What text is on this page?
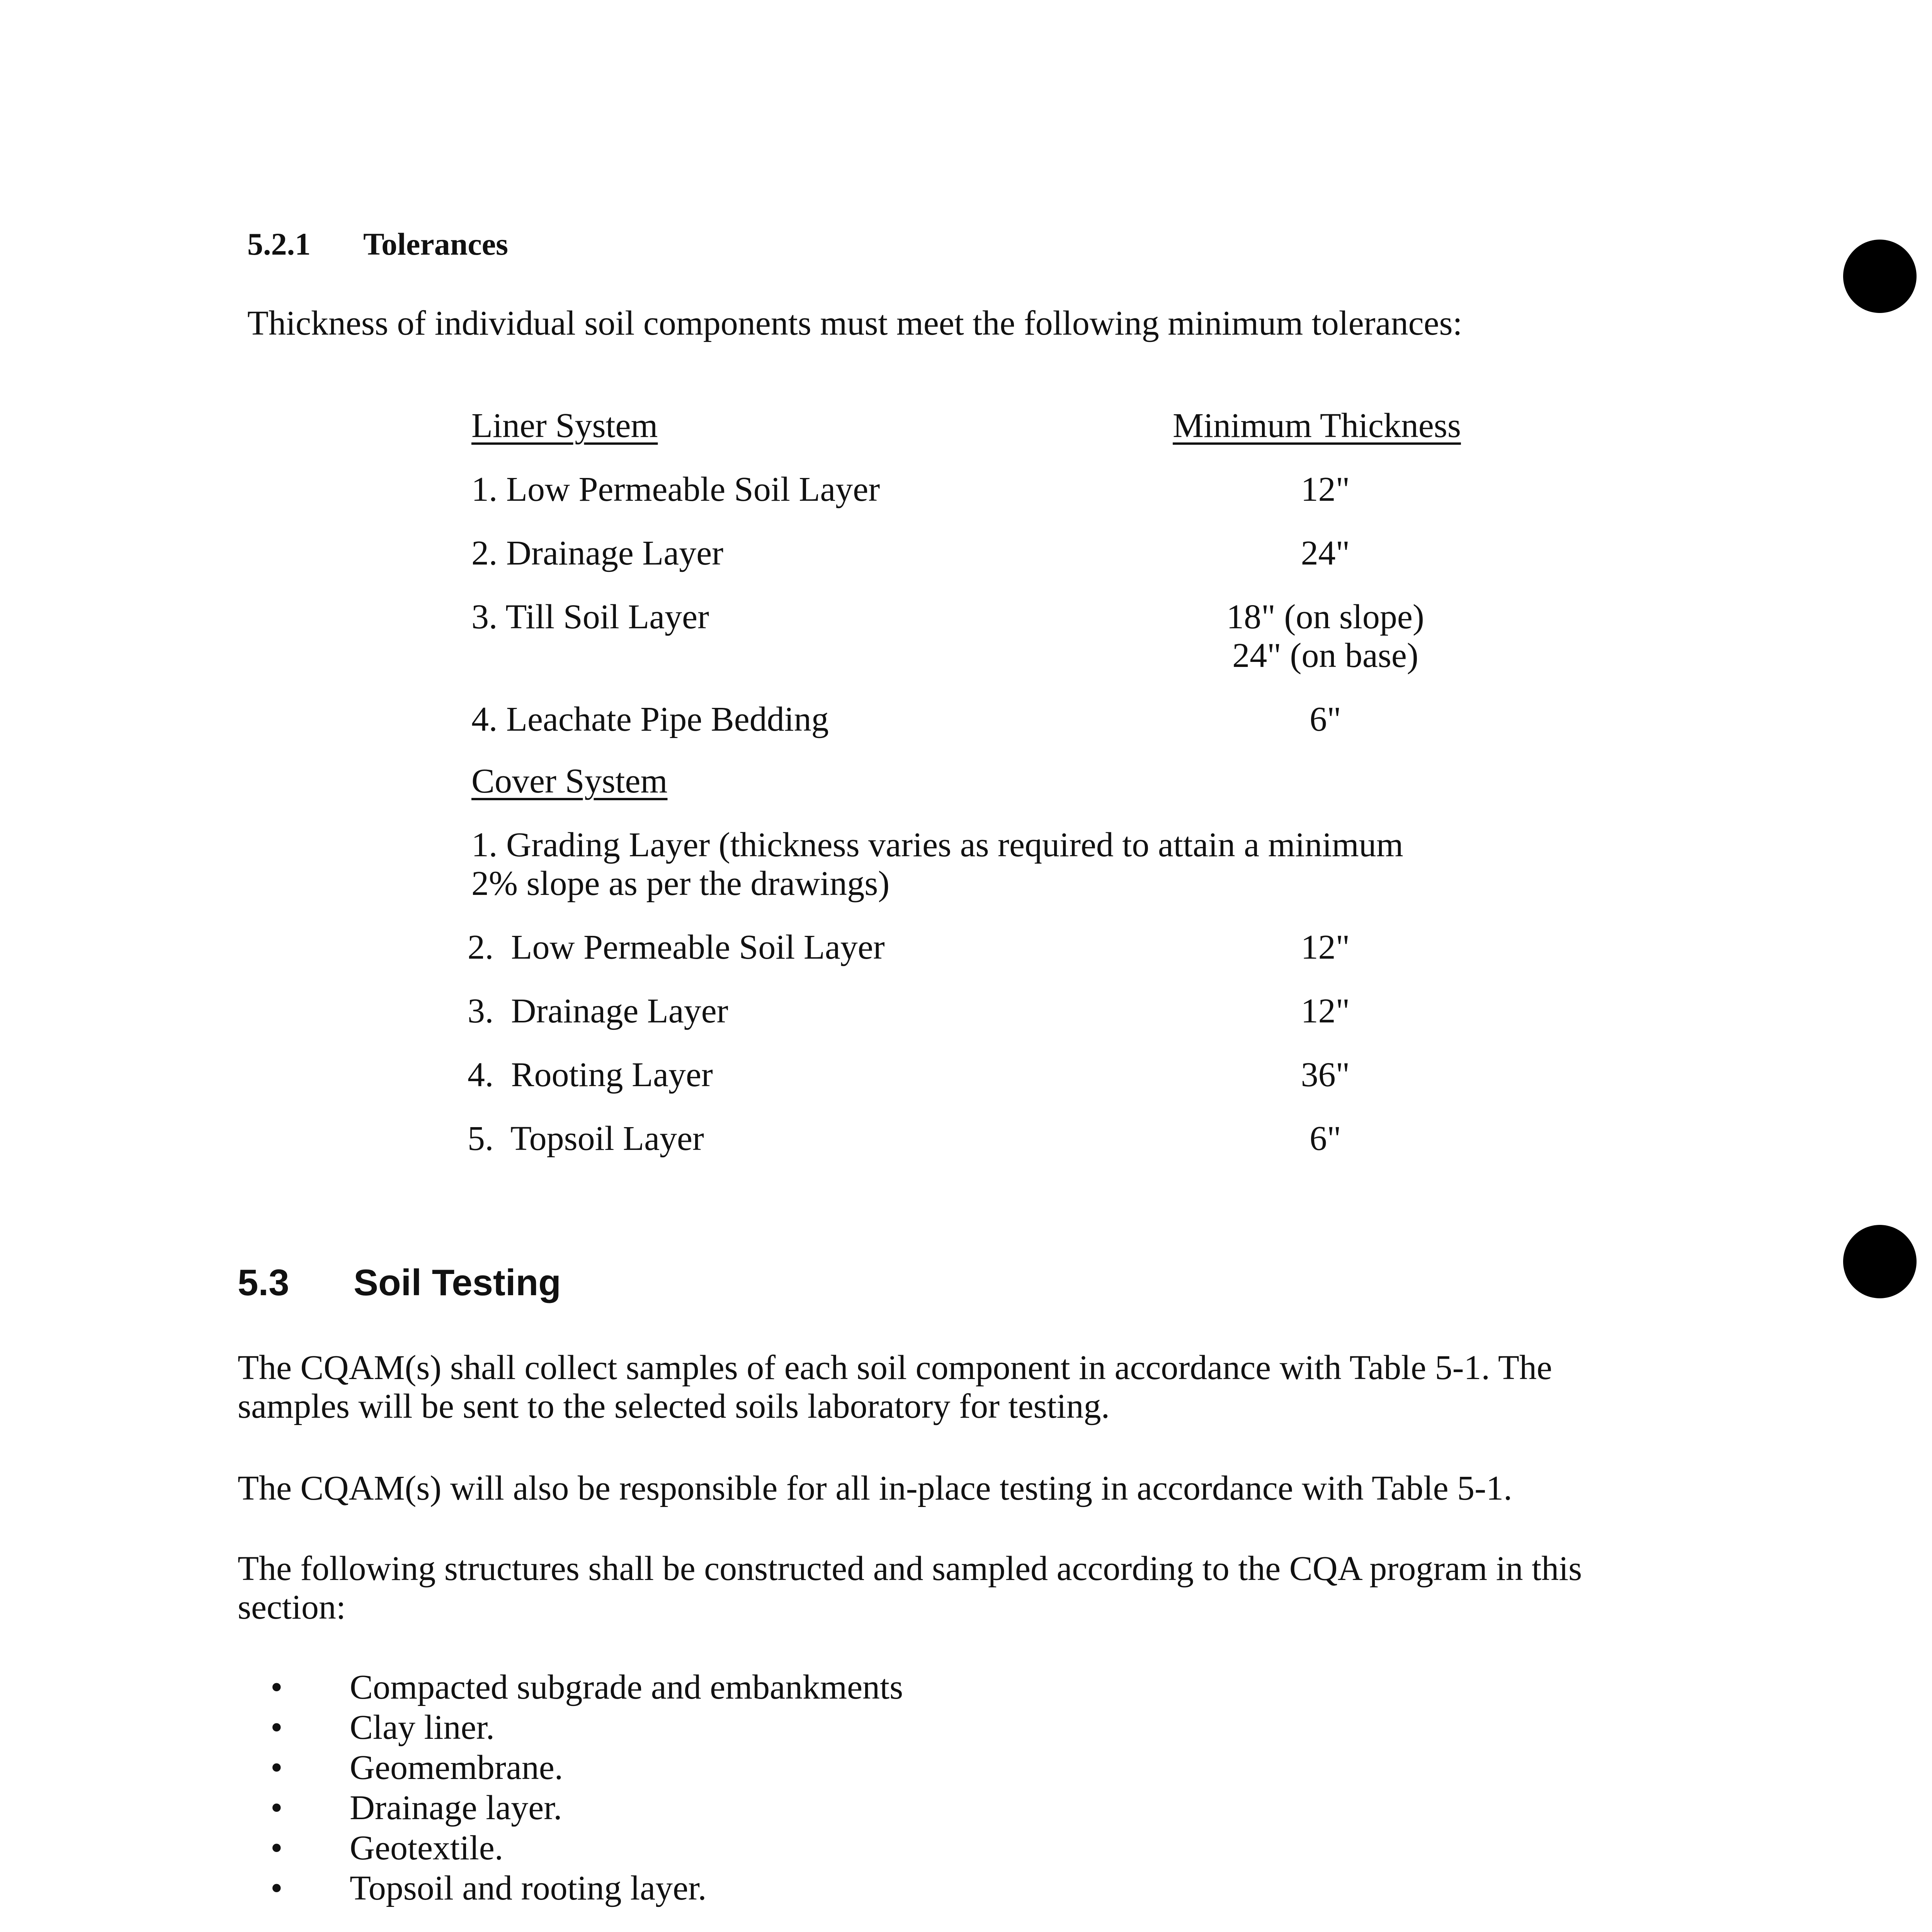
5.2.1 Tolerances

Thickness of individual soil components must meet the following minimum tolerances:

Liner System	Minimum Thickness
1. Low Permeable Soil Layer	12"
2. Drainage Layer	24"
3. Till Soil Layer	18" (on slope)
24" (on base)
4. Leachate Pipe Bedding	6"
Cover System
1. Grading Layer (thickness varies as required to attain a minimum
2% slope as per the drawings)
2.  Low Permeable Soil Layer	12"
3.  Drainage Layer	12"
4.  Rooting Layer	36"
5.  Topsoil Layer	6"
5.3 Soil Testing
The CQAM(s) shall collect samples of each soil component in accordance with Table 5-1. The
samples will be sent to the selected soils laboratory for testing.
The CQAM(s) will also be responsible for all in-place testing in accordance with Table 5-1.
The following structures shall be constructed and sampled according to the CQA program in this
section:
• Compacted subgrade and embankments
• Clay liner.
• Geomembrane.
• Drainage layer.
• Geotextile.
• Topsoil and rooting layer.
